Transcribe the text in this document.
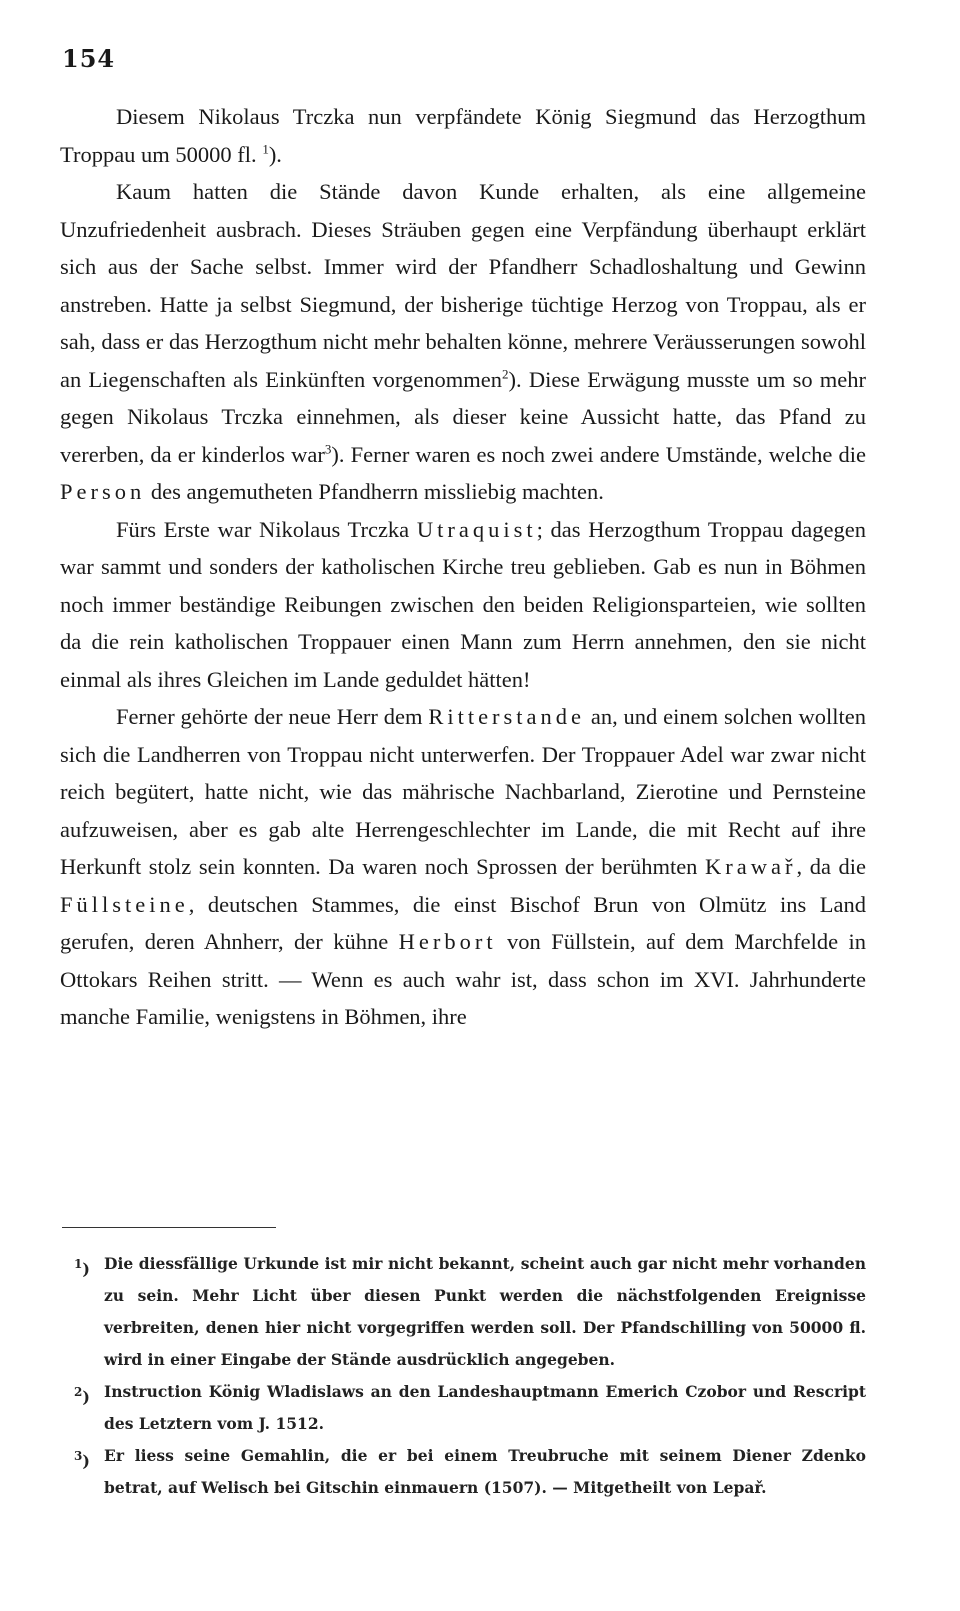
154

Diesem Nikolaus Trczka nun verpfändete König Siegmund das Herzogthum Troppau um 50000 fl. $^1$).

Kaum hatten die Stände davon Kunde erhalten, als eine allgemeine Unzufriedenheit ausbrach. Dieses Sträuben gegen eine Verpfändung überhaupt erklärt sich aus der Sache selbst. Immer wird der Pfandherr Schadloshaltung und Gewinn anstreben. Hatte ja selbst Siegmund, der bisherige tüchtige Herzog von Troppau, als er sah, dass er das Herzogthum nicht mehr behalten könne, mehrere Veräusserungen sowohl an Liegenschaften als Einkünften vorgenommen$^2$). Diese Erwägung musste um so mehr gegen Nikolaus Trczka einnehmen, als dieser keine Aussicht hatte, das Pfand zu vererben, da er kinderlos war$^3$). Ferner waren es noch zwei andere Umstände, welche die Person des angemutheten Pfandherrn missliebig machten.

Fürs Erste war Nikolaus Trczka Utraquist; das Herzogthum Troppau dagegen war sammt und sonders der katholischen Kirche treu geblieben. Gab es nun in Böhmen noch immer beständige Reibungen zwischen den beiden Religionsparteien, wie sollten da die rein katholischen Troppauer einen Mann zum Herrn annehmen, den sie nicht einmal als ihres Gleichen im Lande geduldet hätten!

Ferner gehörte der neue Herr dem Ritterstande an, und einem solchen wollten sich die Landherren von Troppau nicht unterwerfen. Der Troppauer Adel war zwar nicht reich begütert, hatte nicht, wie das mährische Nachbarland, Zierotine und Pernsteine aufzuweisen, aber es gab alte Herrengeschlechter im Lande, die mit Recht auf ihre Herkunft stolz sein konnten. Da waren noch Sprossen der berühmten Krawař, da die Füllsteine, deutschen Stammes, die einst Bischof Brun von Olmütz ins Land gerufen, deren Ahnherr, der kühne Herbort von Füllstein, auf dem Marchfelde in Ottokars Reihen stritt. — Wenn es auch wahr ist, dass schon im XVI. Jahrhunderte manche Familie, wenigstens in Böhmen, ihre

$^1$) Die diessfällige Urkunde ist mir nicht bekannt, scheint auch gar nicht mehr vorhanden zu sein. Mehr Licht über diesen Punkt werden die nächstfolgenden Ereignisse verbreiten, denen hier nicht vorgegriffen werden soll. Der Pfandschilling von 50000 fl. wird in einer Eingabe der Stände ausdrücklich angegeben.
$^2$) Instruction König Wladislaws an den Landeshauptmann Emerich Czobor und Rescript des Letztern vom J. 1512.
$^3$) Er liess seine Gemahlin, die er bei einem Treubruche mit seinem Diener Zdenko betrat, auf Welisch bei Gitschin einmauern (1507). — Mitgetheilt von Lepař.
